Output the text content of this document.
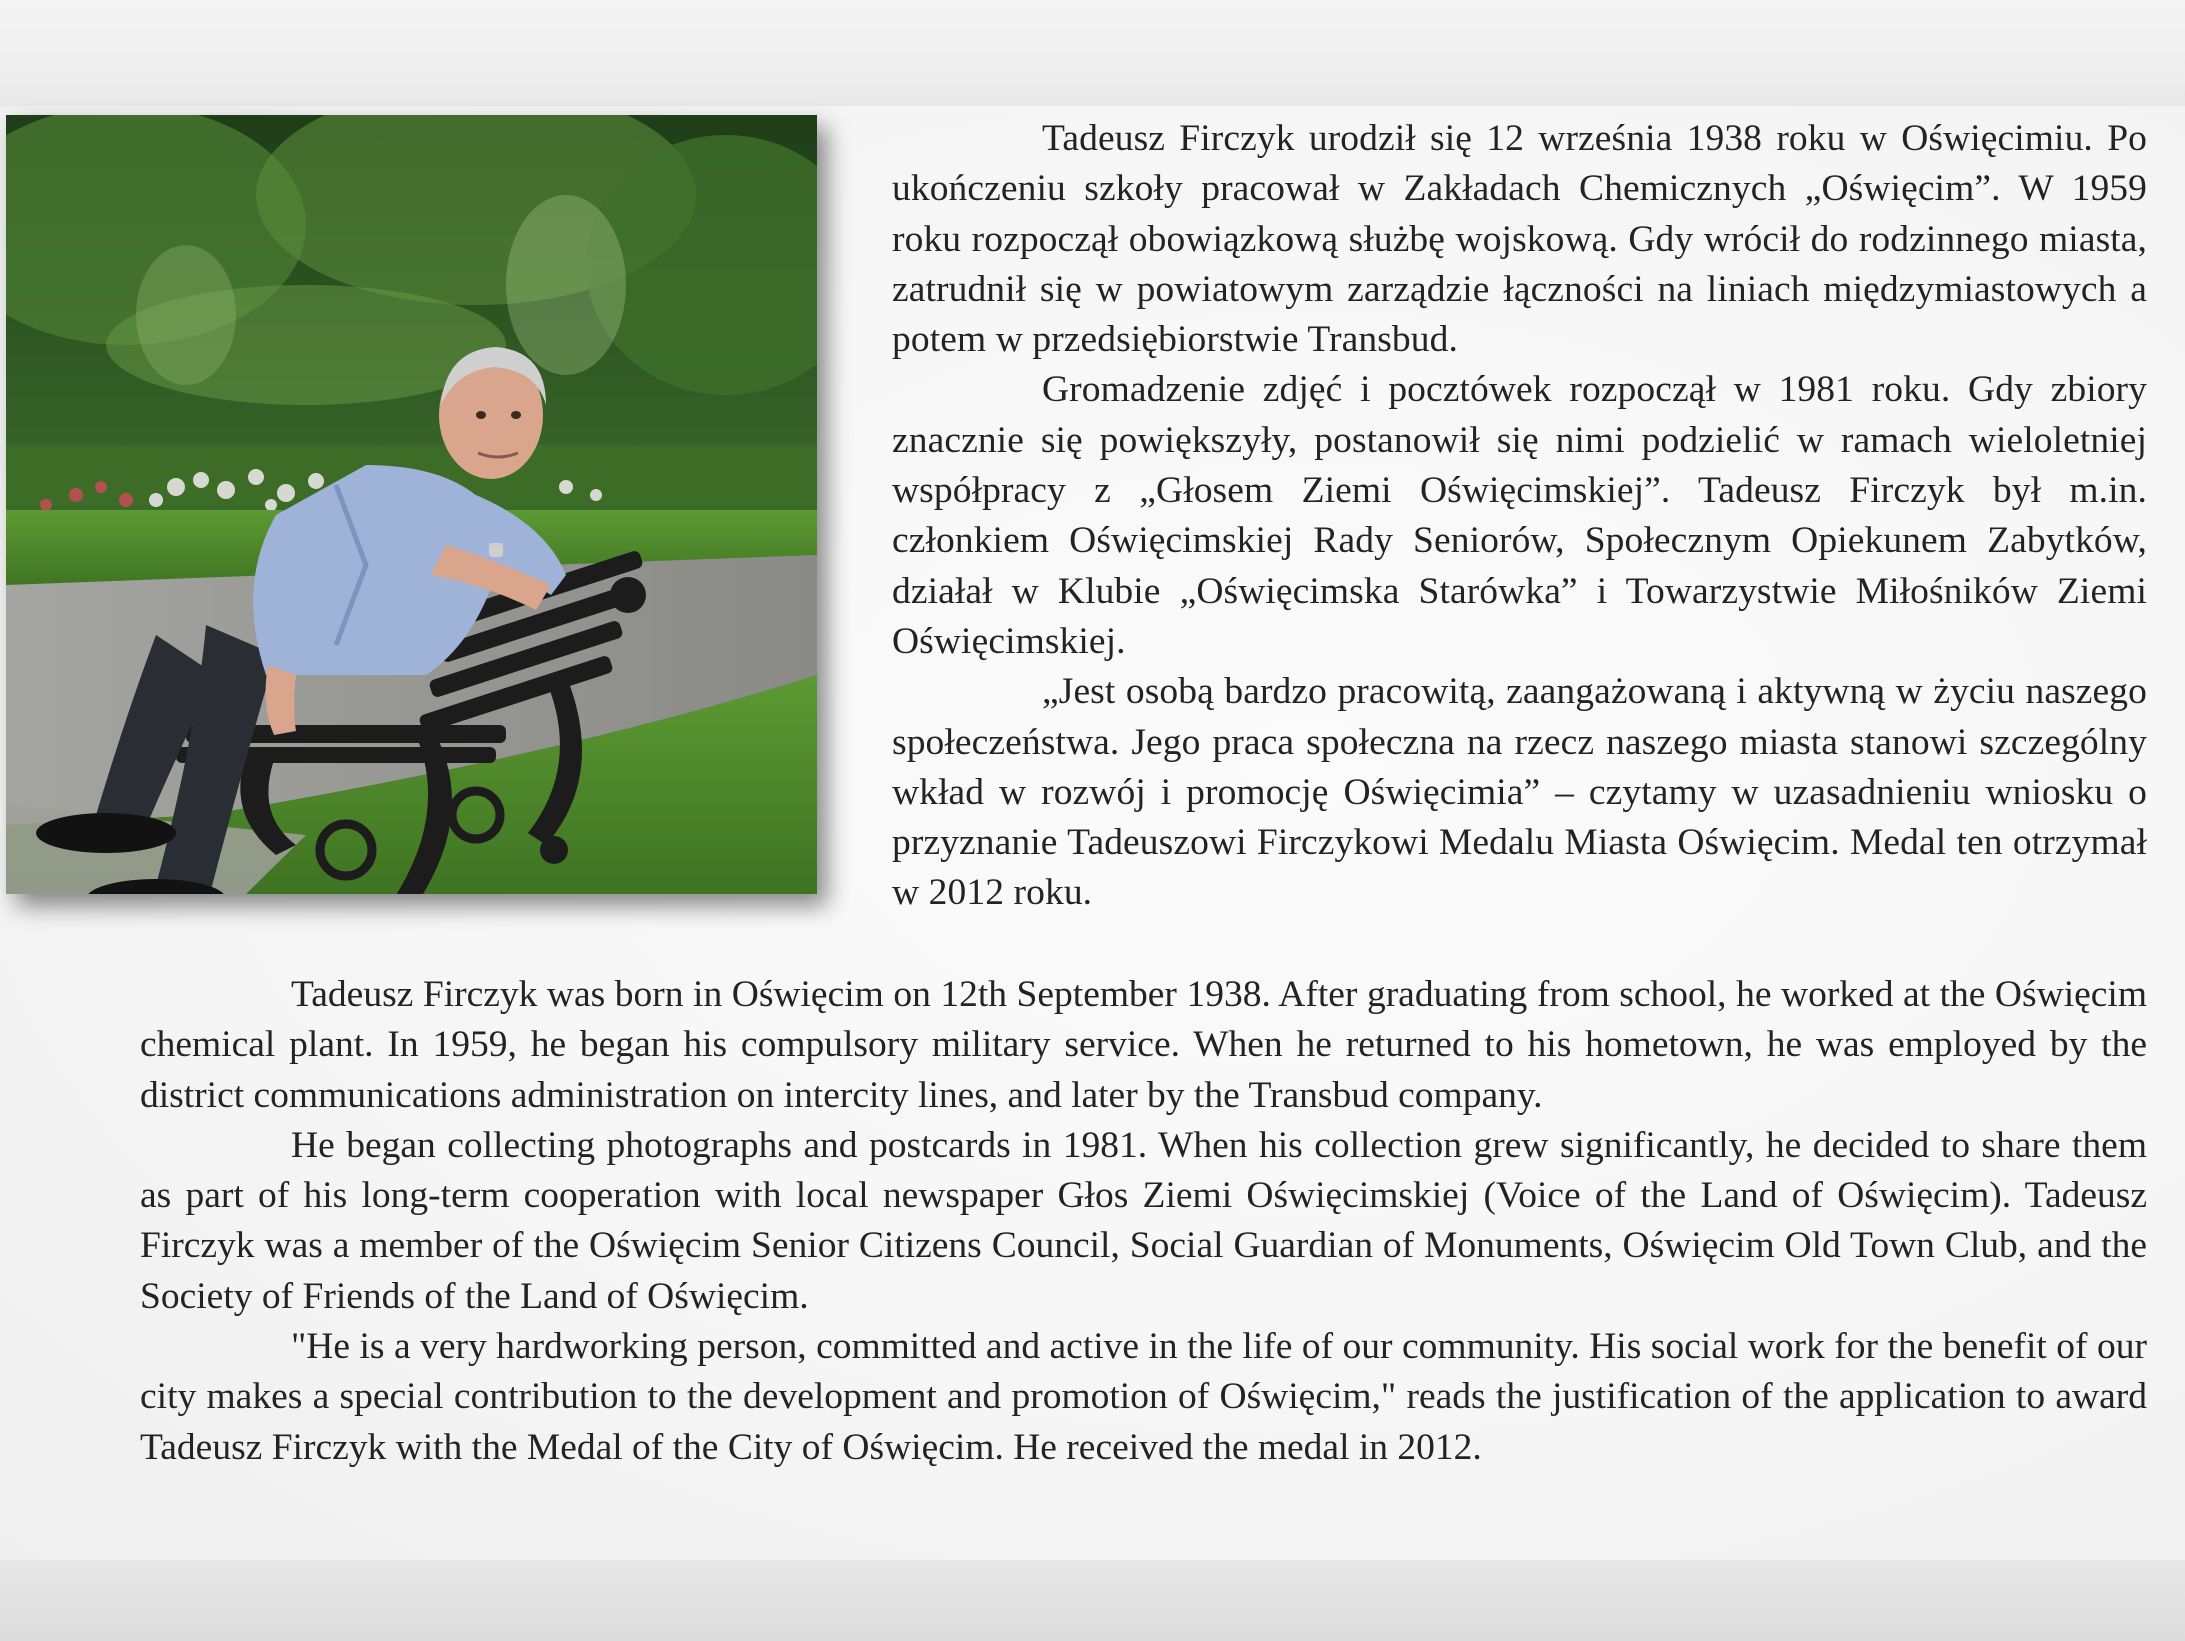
Tadeusz Firczyk urodził się 12 września 1938 roku w Oświęcimiu. Po ukończeniu szkoły pracował w Zakładach Chemicznych „Oświęcim”. W 1959 roku rozpoczął obowiązkową służbę wojskową. Gdy wrócił do rodzinnego miasta, zatrudnił się w powiatowym zarządzie łączności na liniach międzymiastowych a potem w przedsiębiorstwie Transbud.

Gromadzenie zdjęć i pocztówek rozpoczął w 1981 roku. Gdy zbiory znacznie się powiększyły, postanowił się nimi podzielić w ramach wieloletniej współpracy z „Głosem Ziemi Oświęcimskiej”. Tadeusz Firczyk był m.in. członkiem Oświęcimskiej Rady Seniorów, Społecznym Opiekunem Zabytków, działał w Klubie „Oświęcimska Starówka” i Towarzystwie Miłośników Ziemi Oświęcimskiej.

„Jest osobą bardzo pracowitą, zaangażowaną i aktywną w życiu naszego społeczeństwa. Jego praca społeczna na rzecz naszego miasta stanowi szczególny wkład w rozwój i promocję Oświęcimia” – czytamy w uzasadnieniu wniosku o przyznanie Tadeuszowi Firczykowi Medalu Miasta Oświęcim. Medal ten otrzymał w 2012 roku.

Tadeusz Firczyk was born in Oświęcim on 12th September 1938. After graduating from school, he worked at the Oświęcim chemical plant. In 1959, he began his compulsory military service. When he returned to his hometown, he was employed by the district communications administration on intercity lines, and later by the Transbud company.

He began collecting photographs and postcards in 1981. When his collection grew significantly, he decided to share them as part of his long-term cooperation with local newspaper Głos Ziemi Oświęcimskiej (Voice of the Land of Oświęcim). Tadeusz Firczyk was a member of the Oświęcim Senior Citizens Council, Social Guardian of Monuments, Oświęcim Old Town Club, and the Society of Friends of the Land of Oświęcim.

"He is a very hardworking person, committed and active in the life of our community. His social work for the benefit of our city makes a special contribution to the development and promotion of Oświęcim," reads the justification of the application to award Tadeusz Firczyk with the Medal of the City of Oświęcim. He received the medal in 2012.
